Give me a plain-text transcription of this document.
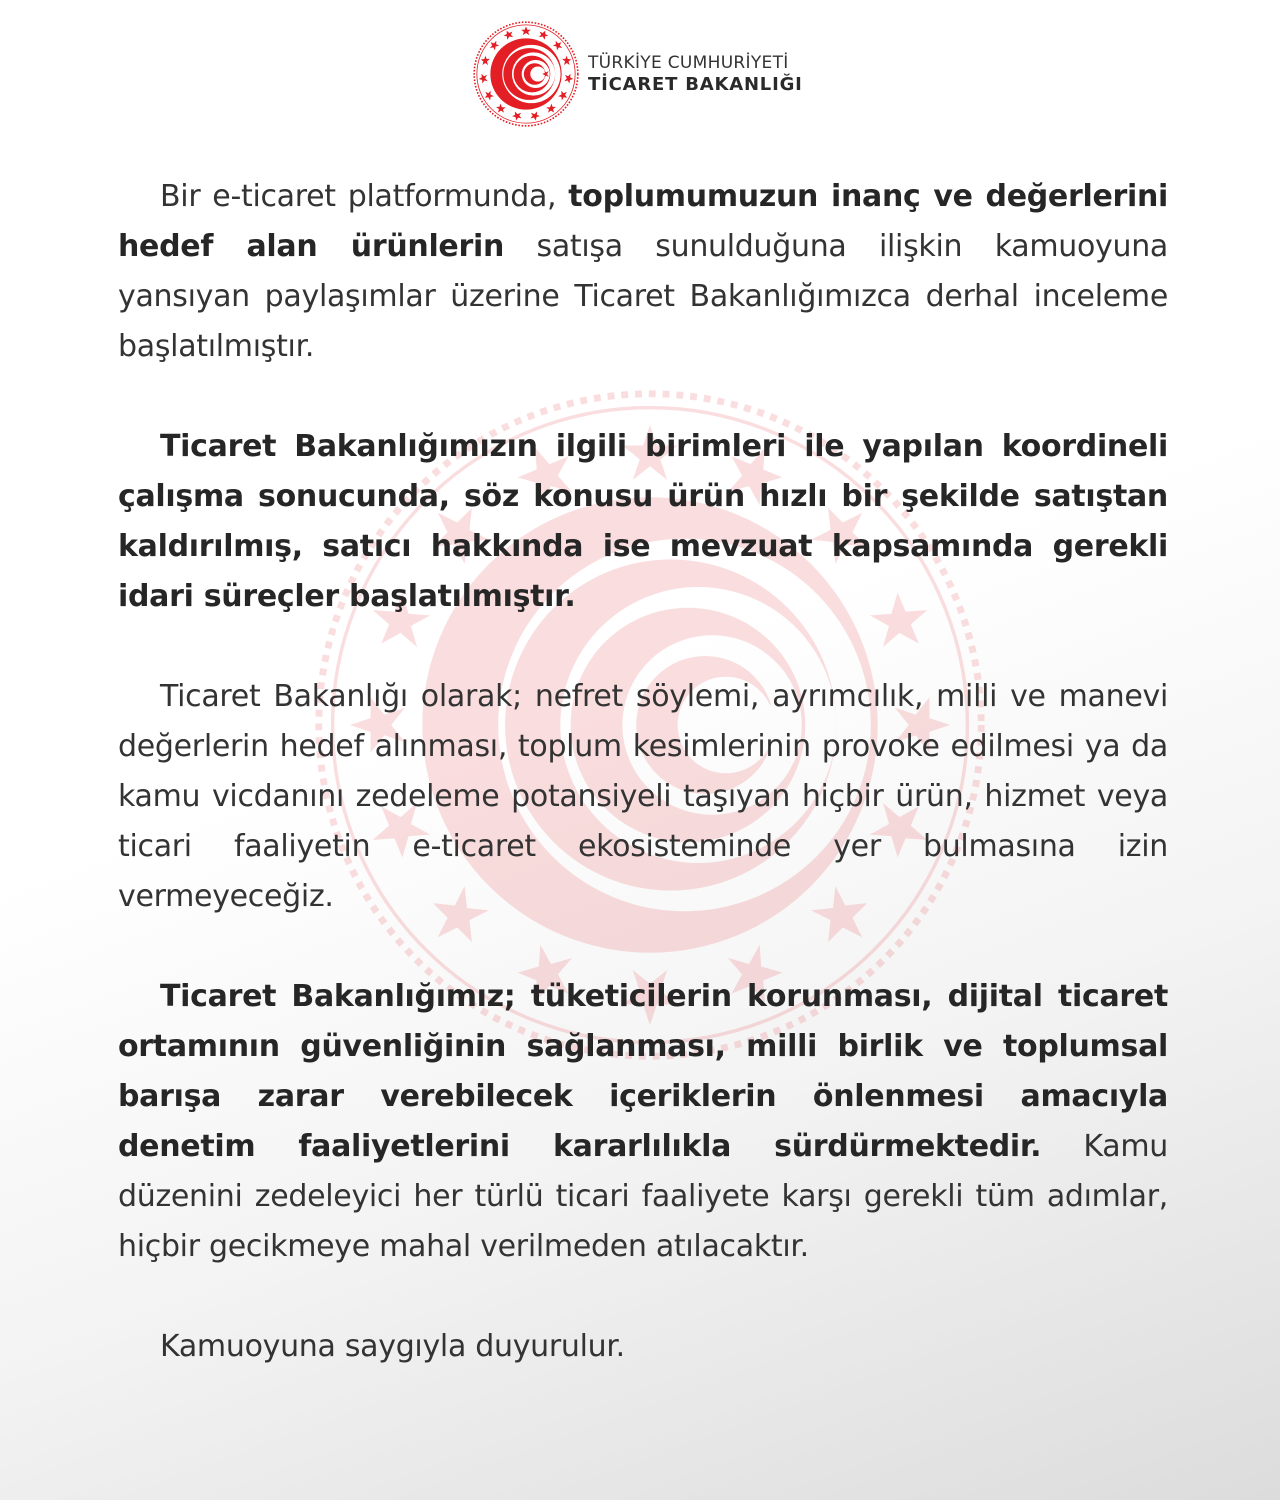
TÜRKİYE CUMHURİYETİ
TİCARET BAKANLIĞI

Bir e-ticaret platformunda, toplumumuzun inanç ve değerlerini hedef alan ürünlerin satışa sunulduğuna ilişkin kamuoyuna yansıyan paylaşımlar üzerine Ticaret Bakanlığımızca derhal inceleme başlatılmıştır.

Ticaret Bakanlığımızın ilgili birimleri ile yapılan koordineli çalışma sonucunda, söz konusu ürün hızlı bir şekilde satıştan kaldırılmış, satıcı hakkında ise mevzuat kapsamında gerekli idari süreçler başlatılmıştır.

Ticaret Bakanlığı olarak; nefret söylemi, ayrımcılık, milli ve manevi değerlerin hedef alınması, toplum kesimlerinin provoke edilmesi ya da kamu vicdanını zedeleme potansiyeli taşıyan hiçbir ürün, hizmet veya ticari faaliyetin e-ticaret ekosisteminde yer bulmasına izin vermeyeceğiz.

Ticaret Bakanlığımız; tüketicilerin korunması, dijital ticaret ortamının güvenliğinin sağlanması, milli birlik ve toplumsal barışa zarar verebilecek içeriklerin önlenmesi amacıyla denetim faaliyetlerini kararlılıkla sürdürmektedir. Kamu düzenini zedeleyici her türlü ticari faaliyete karşı gerekli tüm adımlar, hiçbir gecikmeye mahal verilmeden atılacaktır.

Kamuoyuna saygıyla duyurulur.
